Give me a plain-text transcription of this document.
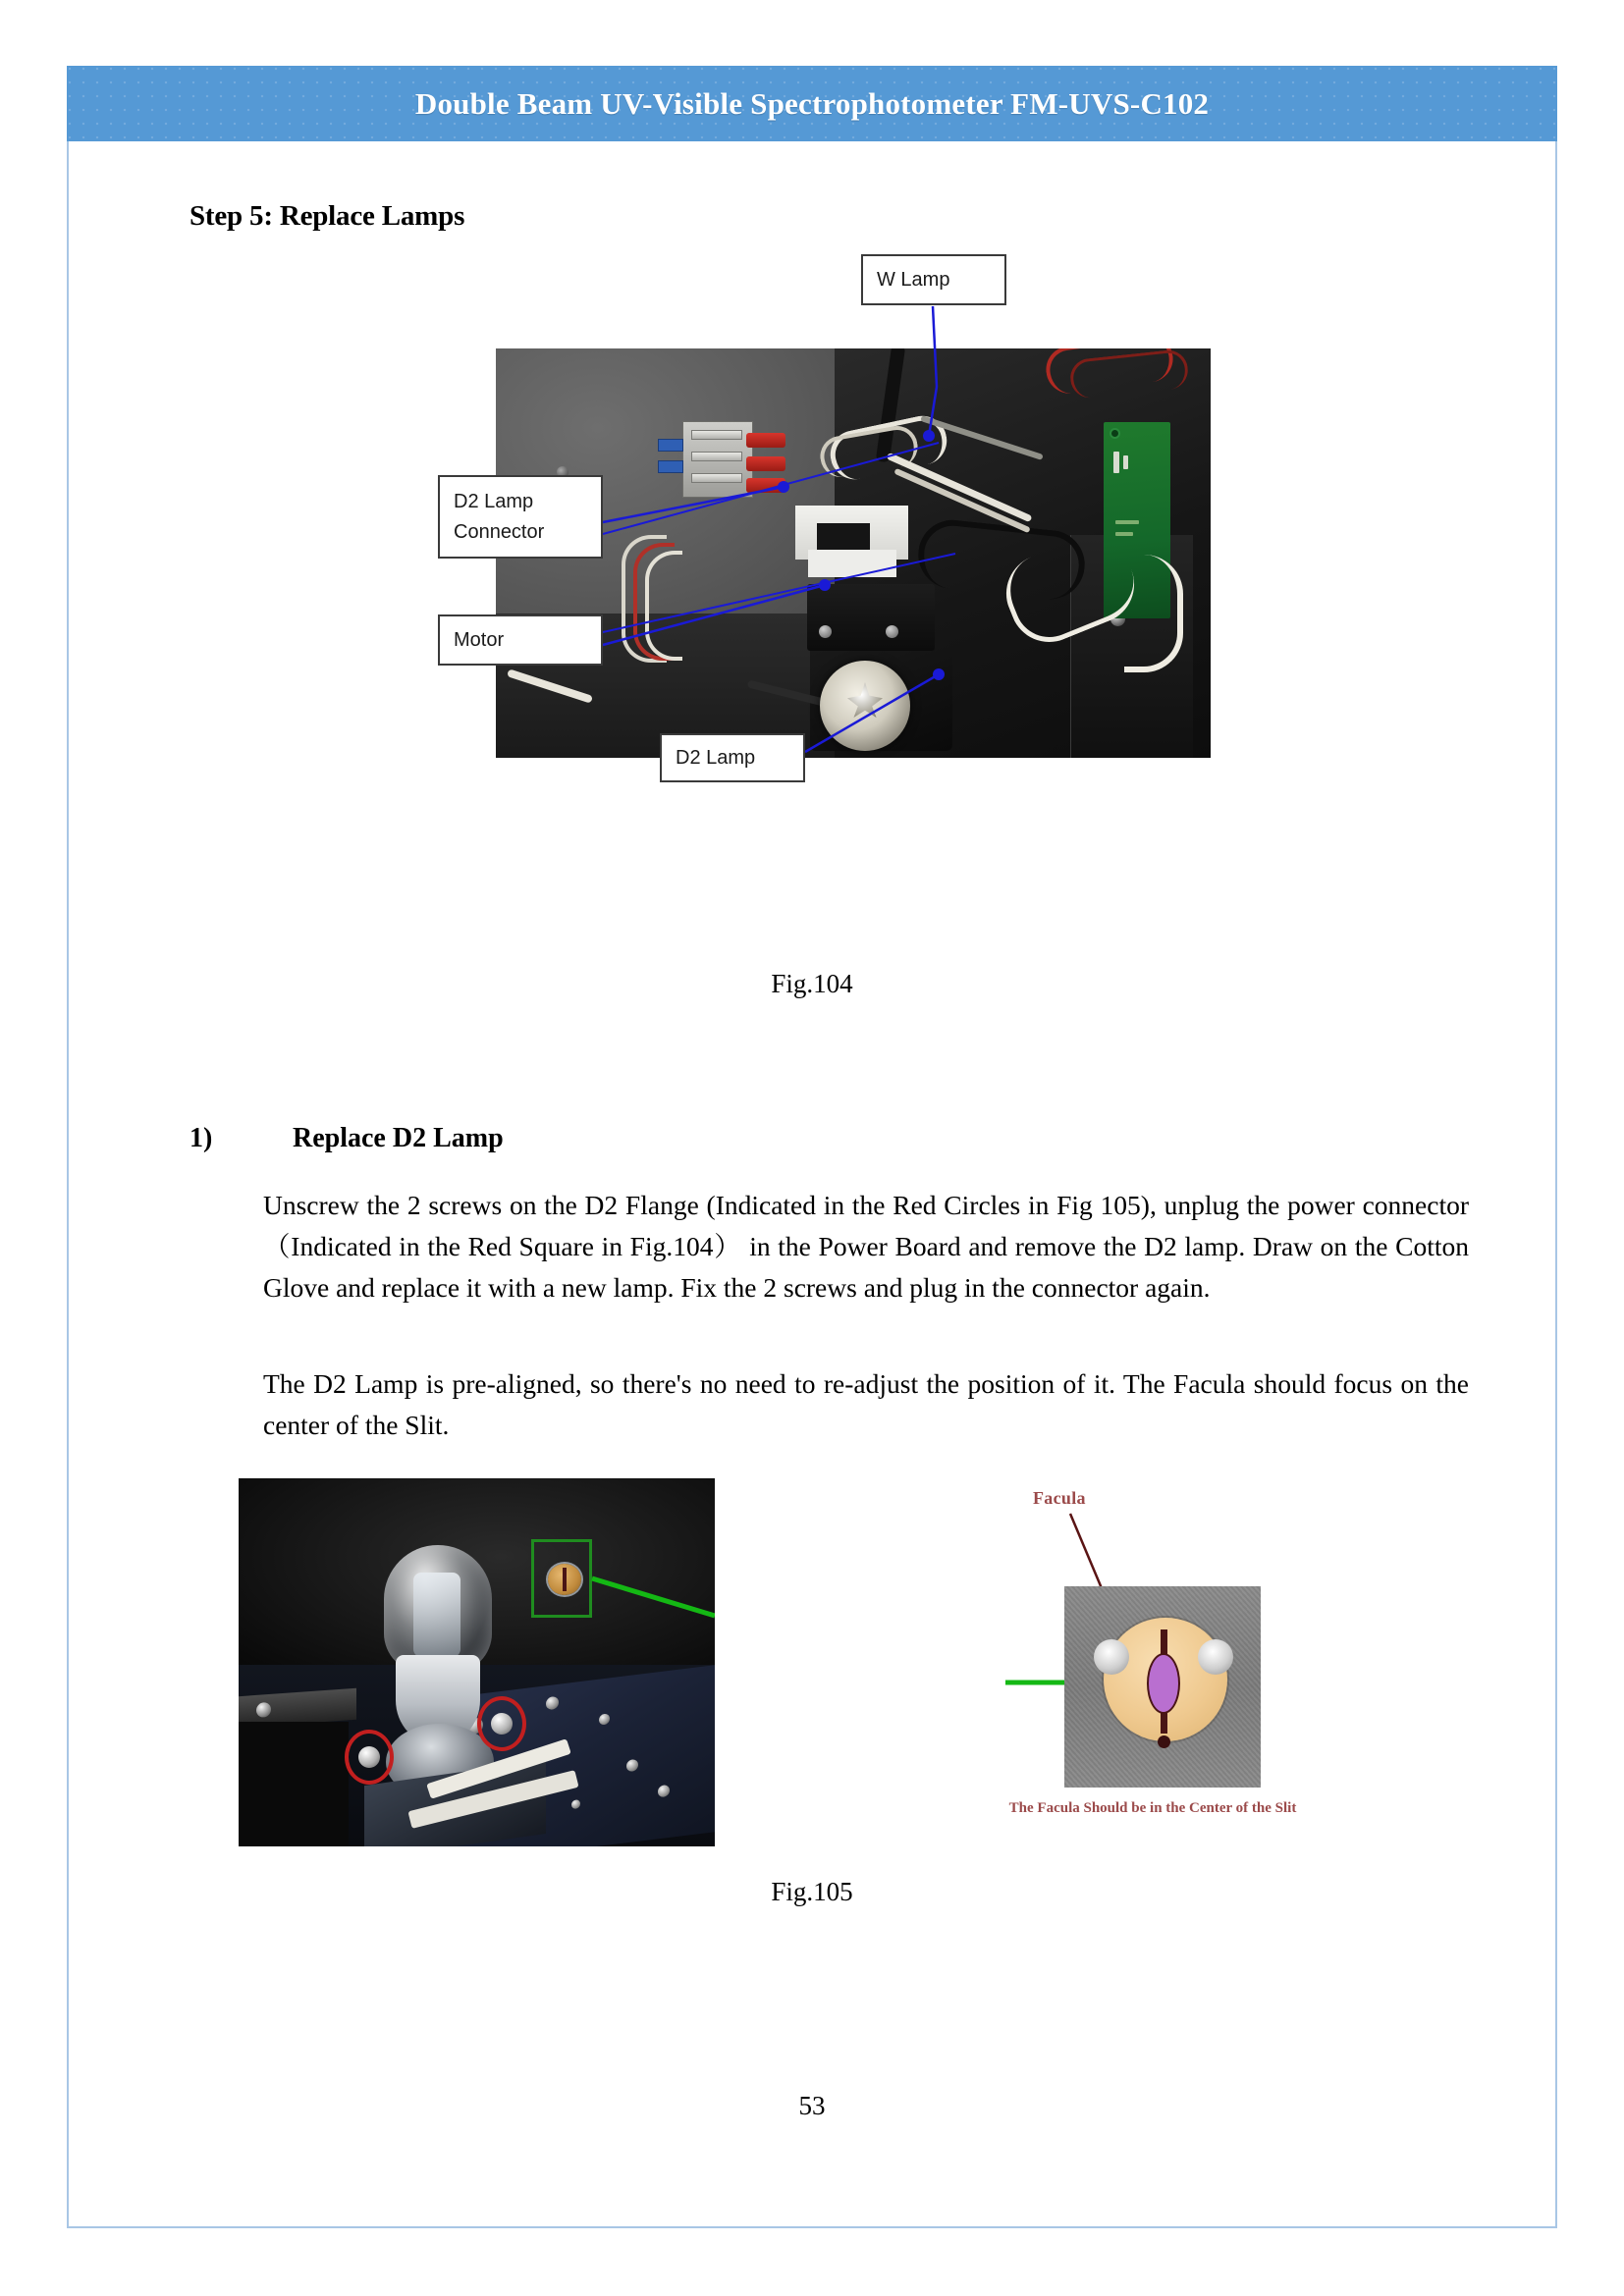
Double Beam UV-Visible Spectrophotometer FM-UVS-C102
Step 5: Replace Lamps
W Lamp
D2 Lamp
Connector
Motor
D2 Lamp
Fig.104
1)	Replace D2 Lamp
Unscrew the 2 screws on the D2 Flange (Indicated in the Red Circles in Fig 105), unplug the power connector（Indicated in the Red Square in Fig.104） in the Power Board and remove the D2 lamp. Draw on the Cotton Glove and replace it with a new lamp. Fix the 2 screws and plug in the connector again.
The D2 Lamp is pre-aligned, so there's no need to re-adjust the position of it. The Facula should focus on the center of the Slit.
Facula
The Facula Should be in the Center of the Slit
Fig.105
53
